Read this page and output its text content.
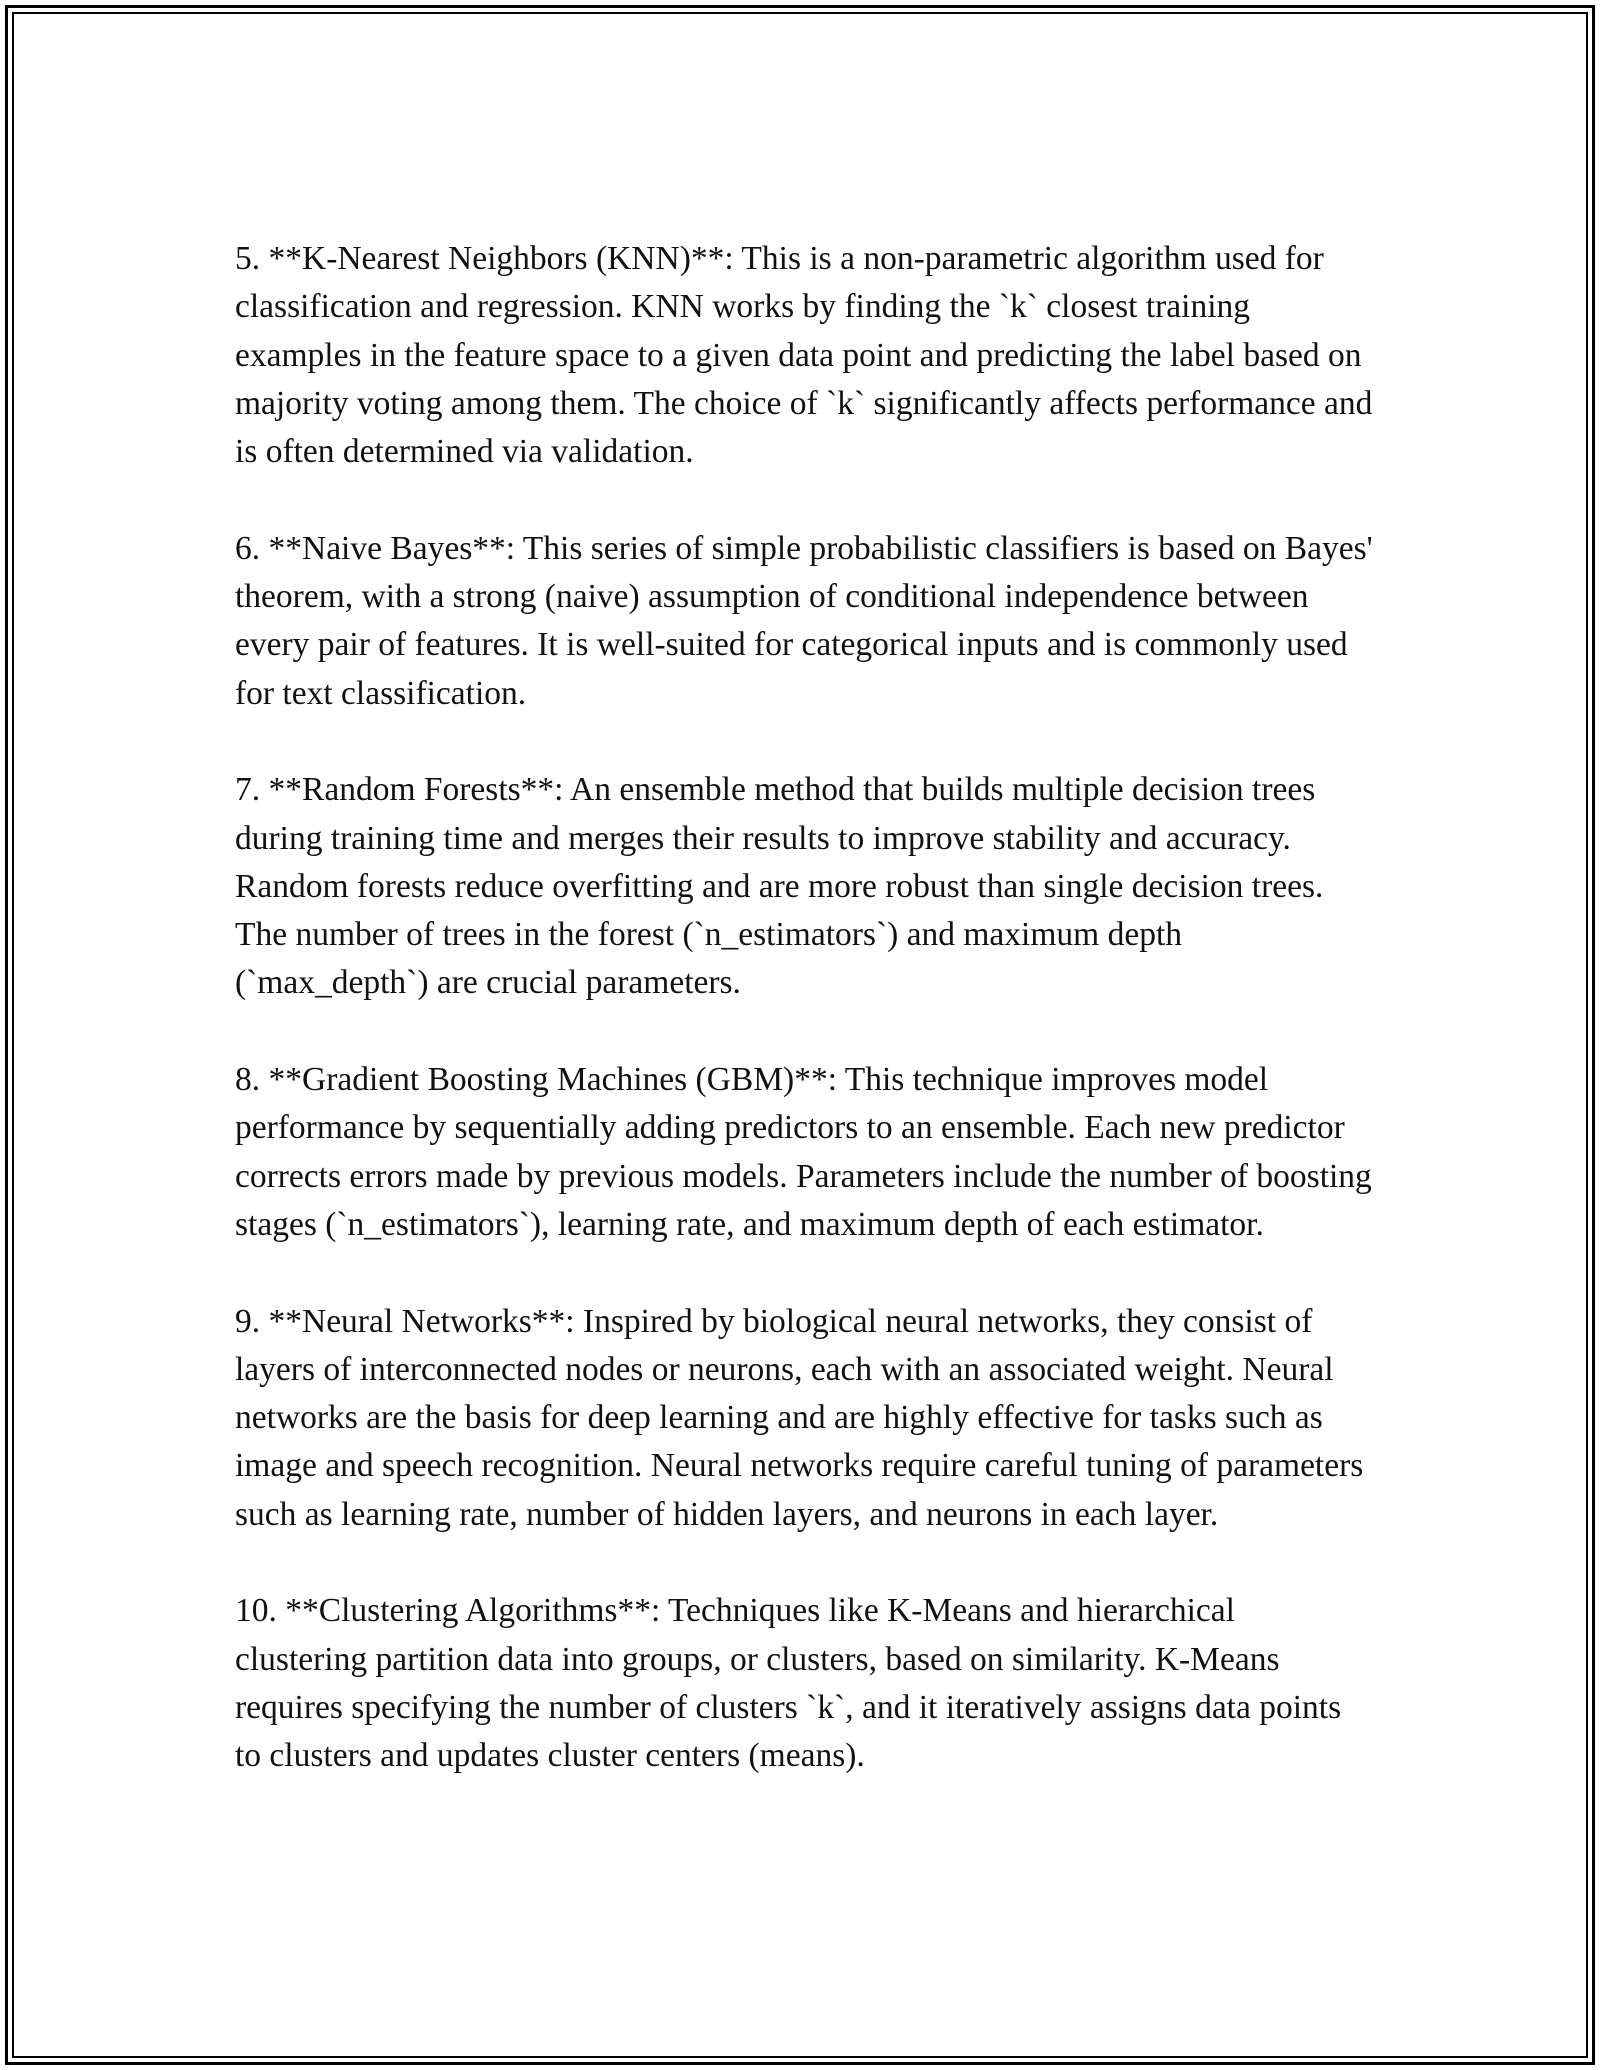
5. **K-Nearest Neighbors (KNN)**: This is a non-parametric algorithm used for classification and regression. KNN works by finding the `k` closest training examples in the feature space to a given data point and predicting the label based on majority voting among them. The choice of `k` significantly affects performance and is often determined via validation.

6. **Naive Bayes**: This series of simple probabilistic classifiers is based on Bayes' theorem, with a strong (naive) assumption of conditional independence between every pair of features. It is well-suited for categorical inputs and is commonly used for text classification.

7. **Random Forests**: An ensemble method that builds multiple decision trees during training time and merges their results to improve stability and accuracy. Random forests reduce overfitting and are more robust than single decision trees. The number of trees in the forest (`n_estimators`) and maximum depth (`max_depth`) are crucial parameters.

8. **Gradient Boosting Machines (GBM)**: This technique improves model performance by sequentially adding predictors to an ensemble. Each new predictor corrects errors made by previous models. Parameters include the number of boosting stages (`n_estimators`), learning rate, and maximum depth of each estimator.

9. **Neural Networks**: Inspired by biological neural networks, they consist of layers of interconnected nodes or neurons, each with an associated weight. Neural networks are the basis for deep learning and are highly effective for tasks such as image and speech recognition. Neural networks require careful tuning of parameters such as learning rate, number of hidden layers, and neurons in each layer.

10. **Clustering Algorithms**: Techniques like K-Means and hierarchical clustering partition data into groups, or clusters, based on similarity. K-Means requires specifying the number of clusters `k`, and it iteratively assigns data points to clusters and updates cluster centers (means).
